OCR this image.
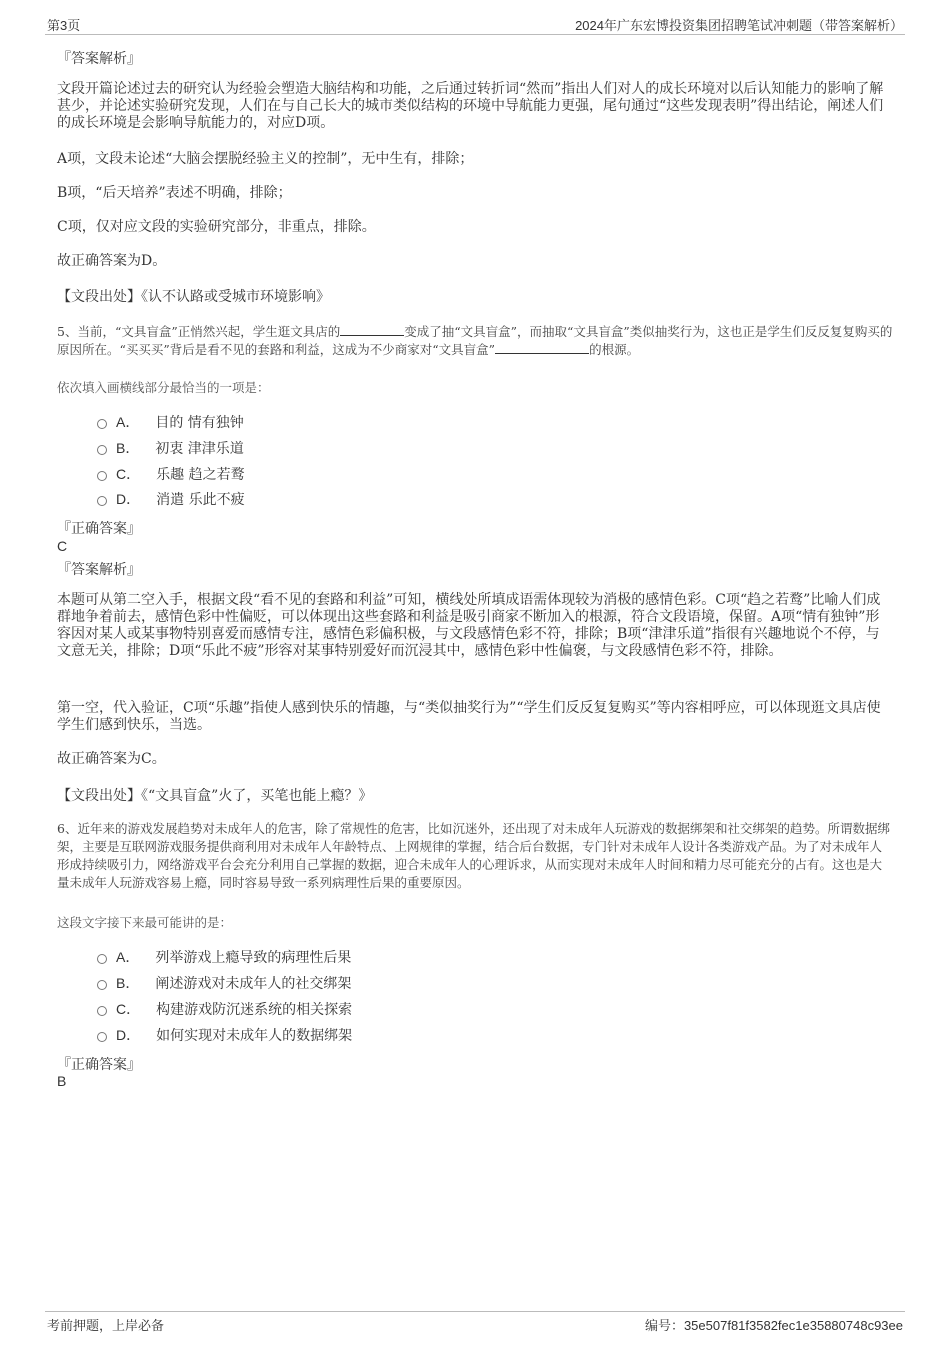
第3页	2024年广东宏博投资集团招聘笔试冲刺题（带答案解析）
『答案解析』
文段开篇论述过去的研究认为经验会塑造大脑结构和功能，之后通过转折词“然而”指出人们对人的成长环境对以后认知能力的影响了解甚少，并论述实验研究发现，人们在与自己长大的城市类似结构的环境中导航能力更强，尾句通过“这些发现表明”得出结论，阐述人们的成长环境是会影响导航能力的，对应D项。
A项，文段未论述“大脑会摆脱经验主义的控制”，无中生有，排除；
B项，“后天培养”表述不明确，排除；
C项，仅对应文段的实验研究部分，非重点，排除。
故正确答案为D。
【文段出处】《认不认路或受城市环境影响》
5、当前，“文具盲盒”正悄然兴起，学生逛文具店的	变成了抽“文具盲盒”，而抽取“文具盲盒”类似抽奖行为，这也正是学生们反反复复购买的原因所在。“买买买”背后是看不见的套路和利益，这成为不少商家对“文具盲盒”	的根源。
依次填入画横线部分最恰当的一项是：
A． 目的 情有独钟
B． 初衷 津津乐道
C． 乐趣 趋之若鹜
D． 消遣 乐此不疲
『正确答案』
C
『答案解析』
本题可从第二空入手，根据文段“看不见的套路和利益”可知，横线处所填成语需体现较为消极的感情色彩。C项“趋之若鹜”比喻人们成群地争着前去，感情色彩中性偏贬，可以体现出这些套路和利益是吸引商家不断加入的根源，符合文段语境，保留。A项“情有独钟”形容因对某人或某事物特别喜爱而感情专注，感情色彩偏积极，与文段感情色彩不符，排除；B项“津津乐道”指很有兴趣地说个不停，与文意无关，排除；D项“乐此不疲”形容对某事特别爱好而沉浸其中，感情色彩中性偏褒，与文段感情色彩不符，排除。
第一空，代入验证，C项“乐趣”指使人感到快乐的情趣，与“类似抽奖行为”“学生们反反复复购买”等内容相呼应，可以体现逛文具店使学生们感到快乐，当选。
故正确答案为C。
【文段出处】《“文具盲盒”火了，买笔也能上瘾？》
6、近年来的游戏发展趋势对未成年人的危害，除了常规性的危害，比如沉迷外，还出现了对未成年人玩游戏的数据绑架和社交绑架的趋势。所谓数据绑架，主要是互联网游戏服务提供商利用对未成年人年龄特点、上网规律的掌握，结合后台数据，专门针对未成年人设计各类游戏产品。为了对未成年人形成持续吸引力，网络游戏平台会充分利用自己掌握的数据，迎合未成年人的心理诉求，从而实现对未成年人时间和精力尽可能充分的占有。这也是大量未成年人玩游戏容易上瘾，同时容易导致一系列病理性后果的重要原因。
这段文字接下来最可能讲的是：
A． 列举游戏上瘾导致的病理性后果
B． 阐述游戏对未成年人的社交绑架
C． 构建游戏防沉迷系统的相关探索
D． 如何实现对未成年人的数据绑架
『正确答案』
B
考前押题，上岸必备	编号：35e507f81f3582fec1e35880748c93ee
